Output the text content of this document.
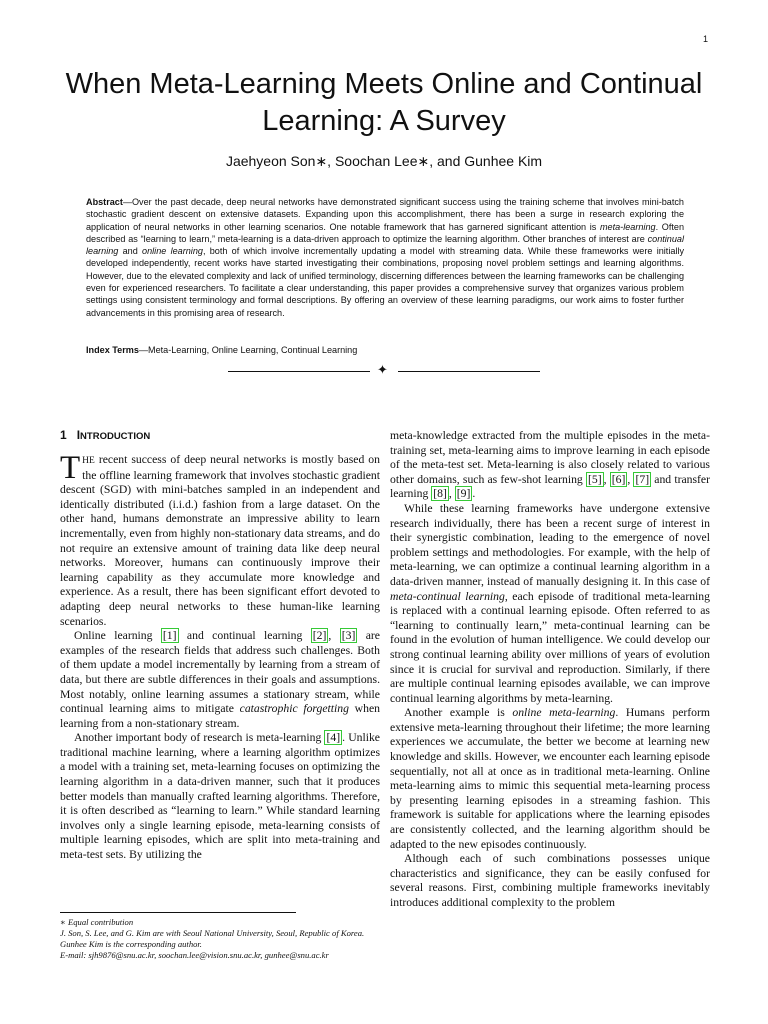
1
When Meta-Learning Meets Online and Continual Learning: A Survey
Jaehyeon Son∗, Soochan Lee∗, and Gunhee Kim

Abstract—Over the past decade, deep neural networks have demonstrated significant success using the training scheme that involves mini-batch stochastic gradient descent on extensive datasets. Expanding upon this accomplishment, there has been a surge in research exploring the application of neural networks in other learning scenarios. One notable framework that has garnered significant attention is meta-learning. Often described as “learning to learn,” meta-learning is a data-driven approach to optimize the learning algorithm. Other branches of interest are continual learning and online learning, both of which involve incrementally updating a model with streaming data. While these frameworks were initially developed independently, recent works have started investigating their combinations, proposing novel problem settings and learning algorithms. However, due to the elevated complexity and lack of unified terminology, discerning differences between the learning frameworks can be challenging even for experienced researchers. To facilitate a clear understanding, this paper provides a comprehensive survey that organizes various problem settings using consistent terminology and formal descriptions. By offering an overview of these learning paradigms, our work aims to foster further advancements in this promising area of research.

Index Terms—Meta-Learning, Online Learning, Continual Learning

✦
1 INTRODUCTION

THE recent success of deep neural networks is mostly based on the offline learning framework that involves stochastic gradient descent (SGD) with mini-batches sampled in an independent and identically distributed (i.i.d.) fashion from a large dataset. On the other hand, humans demonstrate an impressive ability to learn incrementally, even from highly non-stationary data streams, and do not require an extensive amount of training data like deep neural networks. Moreover, humans can continuously improve their learning capability as they accumulate more knowledge and experience. As a result, there has been significant effort devoted to adapting deep neural networks to these human-like learning scenarios.

Online learning [1] and continual learning [2] , [3] are examples of the research fields that address such challenges. Both of them update a model incrementally by learning from a stream of data, but there are subtle differences in their goals and assumptions. Most notably, online learning assumes a stationary stream, while continual learning aims to mitigate catastrophic forgetting when learning from a non-stationary stream.

Another important body of research is meta-learning [4] . Unlike traditional machine learning, where a learning algorithm optimizes a model with a training set, meta-learning focuses on optimizing the learning algorithm in a data-driven manner, such that it produces better models than manually crafted learning algorithms. Therefore, it is often described as “learning to learn.” While standard learning involves only a single learning episode, meta-learning consists of multiple learning episodes, which are split into meta-training and meta-test sets. By utilizing the

meta-knowledge extracted from the multiple episodes in the meta-training set, meta-learning aims to improve learning in each episode of the meta-test set. Meta-learning is also closely related to various other domains, such as few-shot learning [5] , [6] , [7] and transfer learning [8] , [9] .

While these learning frameworks have undergone extensive research individually, there has been a recent surge of interest in their synergistic combination, leading to the emergence of novel problem settings and methodologies. For example, with the help of meta-learning, we can optimize a continual learning algorithm in a data-driven manner, instead of manually designing it. In this case of meta-continual learning, each episode of traditional meta-learning is replaced with a continual learning episode. Often referred to as “learning to continually learn,” meta-continual learning can be found in the evolution of human intelligence. We could develop our strong continual learning ability over millions of years of evolution since it is crucial for survival and reproduction. Similarly, if there are multiple continual learning episodes available, we can improve continual learning algorithms by meta-learning.

Another example is online meta-learning. Humans perform extensive meta-learning throughout their lifetime; the more learning experiences we accumulate, the better we become at learning new knowledge and skills. However, we encounter each learning episode sequentially, not all at once as in traditional meta-learning. Online meta-learning aims to mimic this sequential meta-learning process by presenting learning episodes in a streaming fashion. This framework is suitable for applications where the learning episodes are consistently collected, and the learning algorithm should be adapted to the new episodes continuously.

Although each of such combinations possesses unique characteristics and significance, they can be easily confused for several reasons. First, combining multiple frameworks inevitably introduces additional complexity to the problem

∗ Equal contribution

J. Son, S. Lee, and G. Kim are with Seoul National University, Seoul, Republic of Korea. Gunhee Kim is the corresponding author.

E-mail: sjh9876@snu.ac.kr, soochan.lee@vision.snu.ac.kr, gunhee@snu.ac.kr
